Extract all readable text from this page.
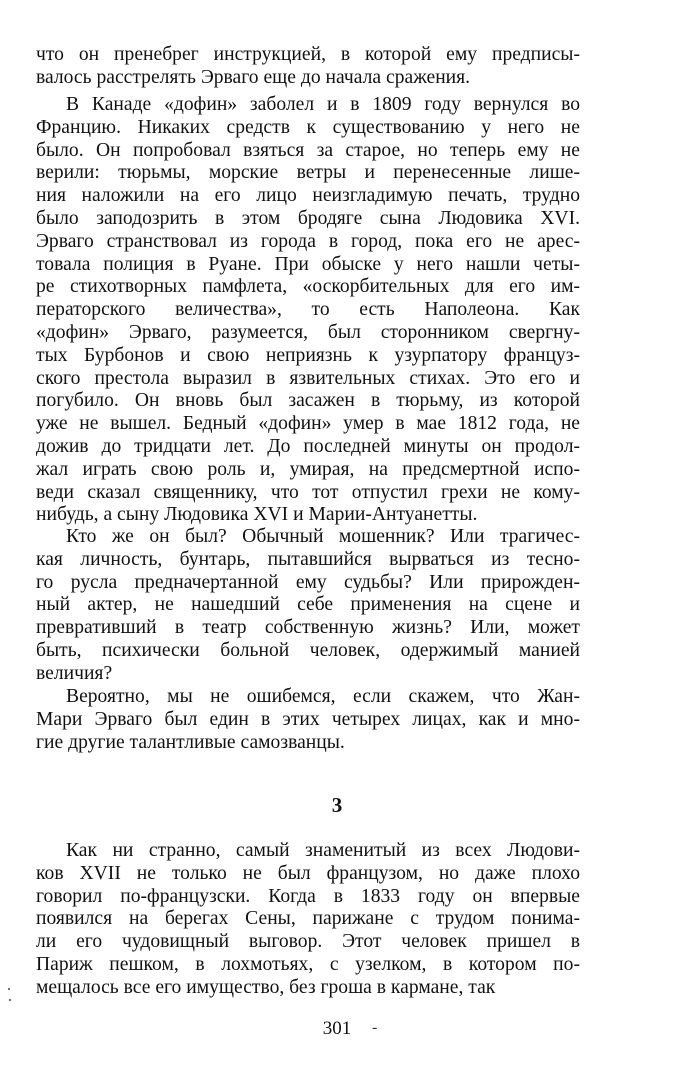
что он пренебрег инструкцией, в которой ему предписы-
валось расстрелять Эрваго еще до начала сражения.
В Канаде «дофин» заболел и в 1809 году вернулся во
Францию. Никаких средств к существованию у него не
было. Он попробовал взяться за старое, но теперь ему не
верили: тюрьмы, морские ветры и перенесенные лише-
ния наложили на его лицо неизгладимую печать, трудно
было заподозрить в этом бродяге сына Людовика XVI.
Эрваго странствовал из города в город, пока его не арес-
товала полиция в Руане. При обыске у него нашли четы-
ре стихотворных памфлета, «оскорбительных для его им-
ператорского величества», то есть Наполеона. Как
«дофин» Эрваго, разумеется, был сторонником свергну-
тых Бурбонов и свою неприязнь к узурпатору француз-
ского престола выразил в язвительных стихах. Это его и
погубило. Он вновь был засажен в тюрьму, из которой
уже не вышел. Бедный «дофин» умер в мае 1812 года, не
дожив до тридцати лет. До последней минуты он продол-
жал играть свою роль и, умирая, на предсмертной испо-
веди сказал священнику, что тот отпустил грехи не кому-
нибудь, а сыну Людовика XVI и Марии-Антуанетты.
Кто же он был? Обычный мошенник? Или трагичес-
кая личность, бунтарь, пытавшийся вырваться из тесно-
го русла предначертанной ему судьбы? Или прирожден-
ный актер, не нашедший себе применения на сцене и
превративший в театр собственную жизнь? Или, может
быть, психически больной человек, одержимый манией
величия?
Вероятно, мы не ошибемся, если скажем, что Жан-
Мари Эрваго был един в этих четырех лицах, как и мно-
гие другие талантливые самозванцы.
3
Как ни странно, самый знаменитый из всех Людови-
ков XVII не только не был французом, но даже плохо
говорил по-французски. Когда в 1833 году он впервые
появился на берегах Сены, парижане с трудом понима-
ли его чудовищный выговор. Этот человек пришел в
Париж пешком, в лохмотьях, с узелком, в котором по-
мещалось все его имущество, без гроша в кармане, так
301	-
